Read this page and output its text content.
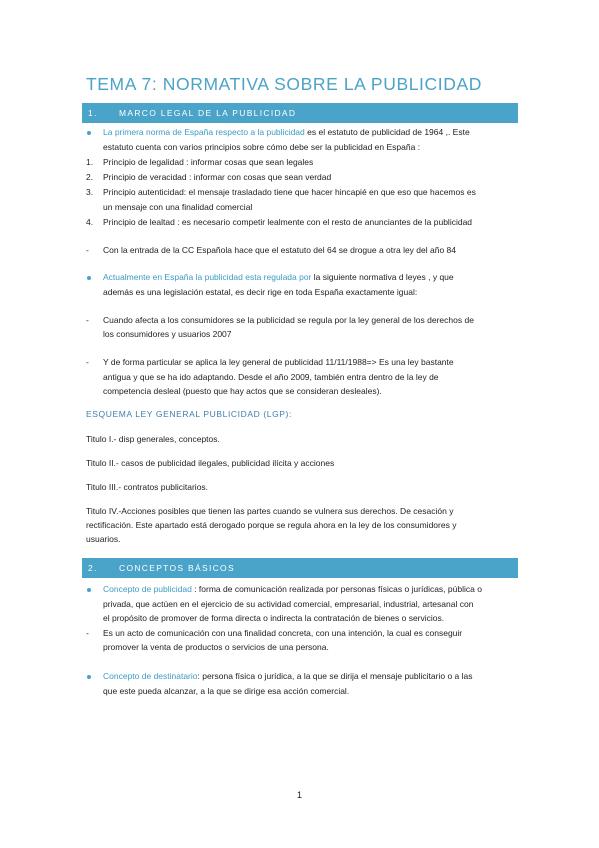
TEMA 7: NORMATIVA SOBRE LA PUBLICIDAD
1.	MARCO LEGAL DE LA PUBLICIDAD
La primera norma de España respecto a la publicidad es el estatuto de publicidad de 1964 ,. Este
estatuto cuenta con varios principios sobre cómo debe ser la publicidad en España :
1. Principio de legalidad : informar cosas que sean legales
2. Principio de veracidad : informar con cosas que sean verdad
3. Principio autenticidad: el mensaje trasladado tiene que hacer hincapié en que eso que hacemos es
un mensaje con una finalidad comercial
4. Principio de lealtad : es necesario competir lealmente con el resto de anunciantes de la publicidad
- Con la entrada de la CC Española hace que el estatuto del 64 se drogue a otra ley del año 84
Actualmente en España la publicidad esta regulada por la siguiente normativa d leyes , y que
además es una legislación estatal, es decir rige en toda España exactamente igual:
- Cuando afecta a los consumidores se la publicidad se regula por la ley general de los derechos de
los consumidores y usuarios 2007
- Y de forma particular se aplica la ley general de publicidad 11/11/1988=> Es una ley bastante
antigua y que se ha ido adaptando. Desde el año 2009, también entra dentro de la ley de
competencia desleal (puesto que hay actos que se consideran desleales).
ESQUEMA LEY GENERAL PUBLICIDAD (LGP):
Titulo I.- disp generales, conceptos.
Titulo II.- casos de publicidad ilegales, publicidad ilícita y acciones
Titulo III.- contratos publicitarios.
Titulo IV.-Acciones posibles que tienen las partes cuando se vulnera sus derechos. De cesación y
rectificación. Este apartado está derogado porque se regula ahora en la ley de los consumidores y
usuarios.
2.	CONCEPTOS BÁSICOS
Concepto de publicidad : forma de comunicación realizada por personas físicas o jurídicas, pública o
privada, que actúen en el ejercicio de su actividad comercial, empresarial, industrial, artesanal con
el propósito de promover de forma directa o indirecta la contratación de bienes o servicios.
- Es un acto de comunicación con una finalidad concreta, con una intención, la cual es conseguir
promover la venta de productos o servicios de una persona.
Concepto de destinatario: persona física o jurídica, a la que se dirija el mensaje publicitario o a las
que este pueda alcanzar, a la que se dirige esa acción comercial.
1
